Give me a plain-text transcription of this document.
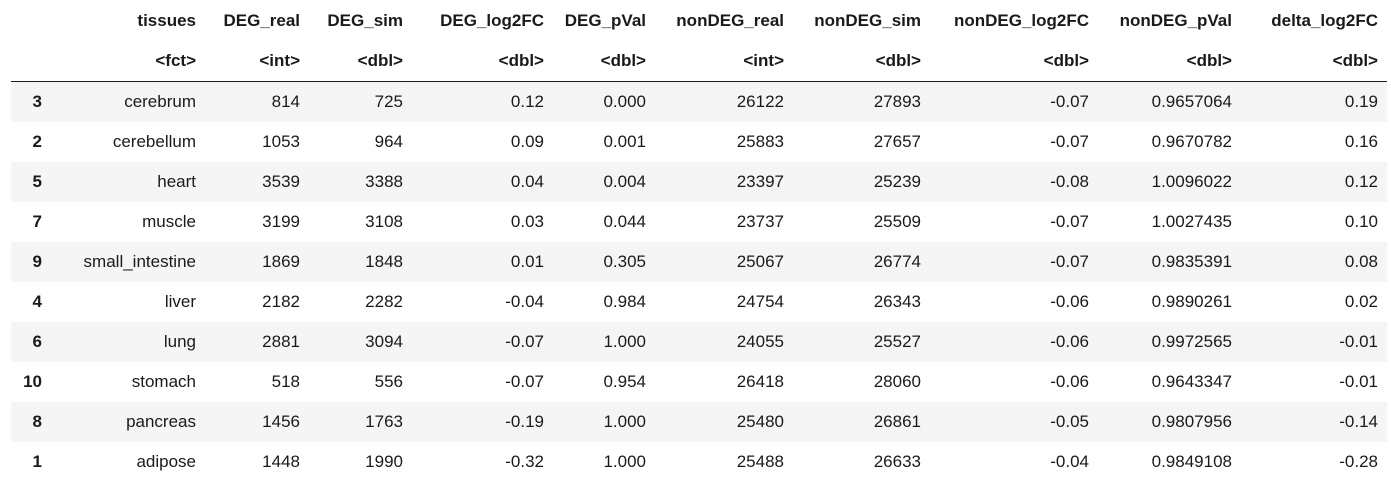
	tissues	DEG_real	DEG_sim	DEG_log2FC	DEG_pVal	nonDEG_real	nonDEG_sim	nonDEG_log2FC	nonDEG_pVal	delta_log2FC
	<fct>	<int>	<dbl>	<dbl>	<dbl>	<int>	<dbl>	<dbl>	<dbl>	<dbl>
3	cerebrum	814	725	0.12	0.000	26122	27893	-0.07	0.9657064	0.19
2	cerebellum	1053	964	0.09	0.001	25883	27657	-0.07	0.9670782	0.16
5	heart	3539	3388	0.04	0.004	23397	25239	-0.08	1.0096022	0.12
7	muscle	3199	3108	0.03	0.044	23737	25509	-0.07	1.0027435	0.10
9	small_intestine	1869	1848	0.01	0.305	25067	26774	-0.07	0.9835391	0.08
4	liver	2182	2282	-0.04	0.984	24754	26343	-0.06	0.9890261	0.02
6	lung	2881	3094	-0.07	1.000	24055	25527	-0.06	0.9972565	-0.01
10	stomach	518	556	-0.07	0.954	26418	28060	-0.06	0.9643347	-0.01
8	pancreas	1456	1763	-0.19	1.000	25480	26861	-0.05	0.9807956	-0.14
1	adipose	1448	1990	-0.32	1.000	25488	26633	-0.04	0.9849108	-0.28
